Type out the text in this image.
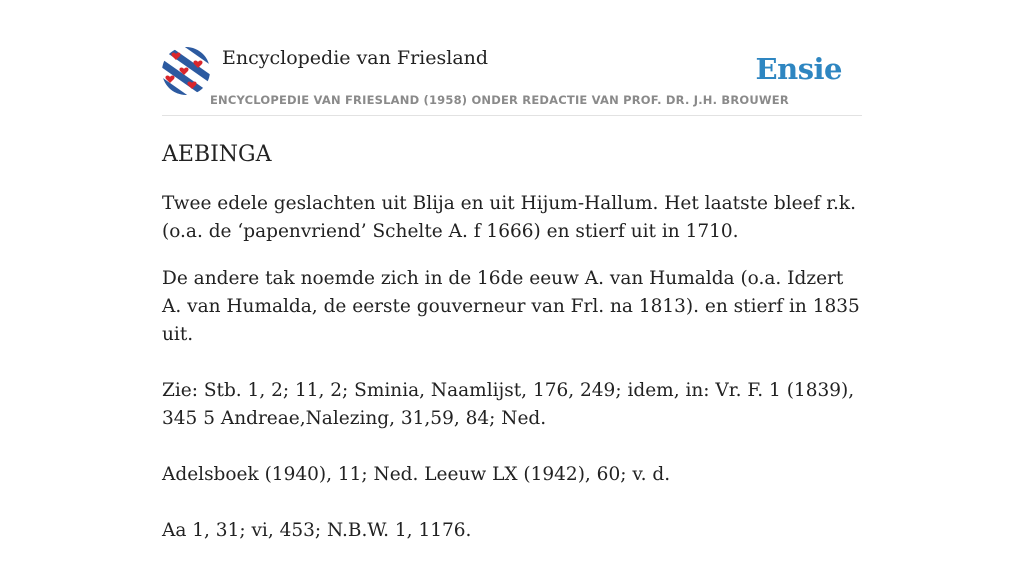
Encyclopedie van Friesland
ENCYCLOPEDIE VAN FRIESLAND (1958) ONDER REDACTIE VAN PROF. DR. J.H. BROUWER
Ensie
AEBINGA

Twee edele geslachten uit Blija en uit Hijum-Hallum. Het laatste bleef r.k. (o.a. de ‘papenvriend’ Schelte A. f 1666) en stierf uit in 1710.

De andere tak noemde zich in de 16de eeuw A. van Humalda (o.a. Idzert A. van Humalda, de eerste gouverneur van Frl. na 1813). en stierf in 1835 uit.

Zie: Stb. 1, 2; 11, 2; Sminia, Naamlijst, 176, 249; idem, in: Vr. F. 1 (1839), 345 5 Andreae,Nalezing, 31,59, 84; Ned.

Adelsboek (1940), 11; Ned. Leeuw LX (1942), 60; v. d.

Aa 1, 31; vi, 453; N.B.W. 1, 1176.
